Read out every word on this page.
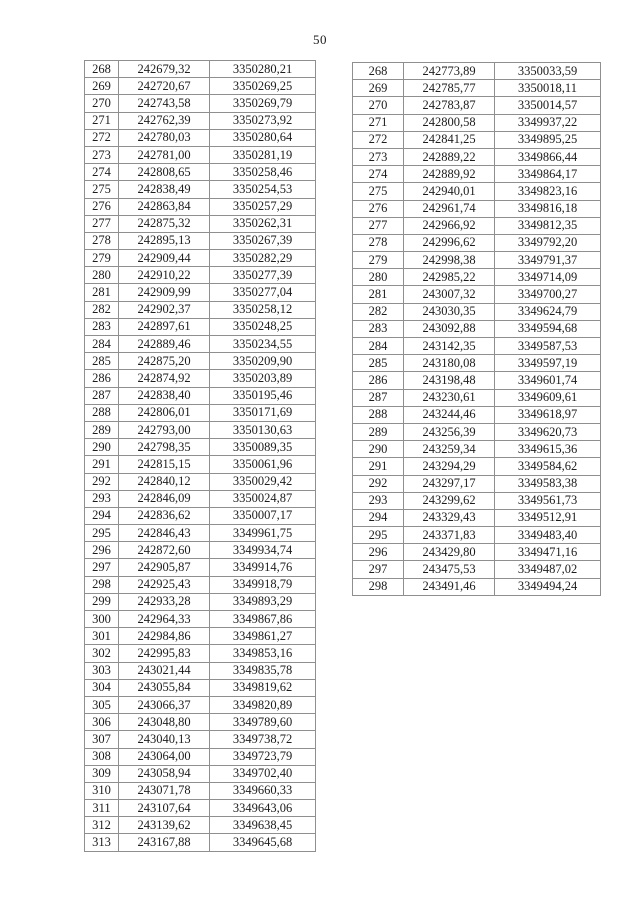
50
268	242679,32	3350280,21
269	242720,67	3350269,25
270	242743,58	3350269,79
271	242762,39	3350273,92
272	242780,03	3350280,64
273	242781,00	3350281,19
274	242808,65	3350258,46
275	242838,49	3350254,53
276	242863,84	3350257,29
277	242875,32	3350262,31
278	242895,13	3350267,39
279	242909,44	3350282,29
280	242910,22	3350277,39
281	242909,99	3350277,04
282	242902,37	3350258,12
283	242897,61	3350248,25
284	242889,46	3350234,55
285	242875,20	3350209,90
286	242874,92	3350203,89
287	242838,40	3350195,46
288	242806,01	3350171,69
289	242793,00	3350130,63
290	242798,35	3350089,35
291	242815,15	3350061,96
292	242840,12	3350029,42
293	242846,09	3350024,87
294	242836,62	3350007,17
295	242846,43	3349961,75
296	242872,60	3349934,74
297	242905,87	3349914,76
298	242925,43	3349918,79
299	242933,28	3349893,29
300	242964,33	3349867,86
301	242984,86	3349861,27
302	242995,83	3349853,16
303	243021,44	3349835,78
304	243055,84	3349819,62
305	243066,37	3349820,89
306	243048,80	3349789,60
307	243040,13	3349738,72
308	243064,00	3349723,79
309	243058,94	3349702,40
310	243071,78	3349660,33
311	243107,64	3349643,06
312	243139,62	3349638,45
313	243167,88	3349645,68
268	242773,89	3350033,59
269	242785,77	3350018,11
270	242783,87	3350014,57
271	242800,58	3349937,22
272	242841,25	3349895,25
273	242889,22	3349866,44
274	242889,92	3349864,17
275	242940,01	3349823,16
276	242961,74	3349816,18
277	242966,92	3349812,35
278	242996,62	3349792,20
279	242998,38	3349791,37
280	242985,22	3349714,09
281	243007,32	3349700,27
282	243030,35	3349624,79
283	243092,88	3349594,68
284	243142,35	3349587,53
285	243180,08	3349597,19
286	243198,48	3349601,74
287	243230,61	3349609,61
288	243244,46	3349618,97
289	243256,39	3349620,73
290	243259,34	3349615,36
291	243294,29	3349584,62
292	243297,17	3349583,38
293	243299,62	3349561,73
294	243329,43	3349512,91
295	243371,83	3349483,40
296	243429,80	3349471,16
297	243475,53	3349487,02
298	243491,46	3349494,24
